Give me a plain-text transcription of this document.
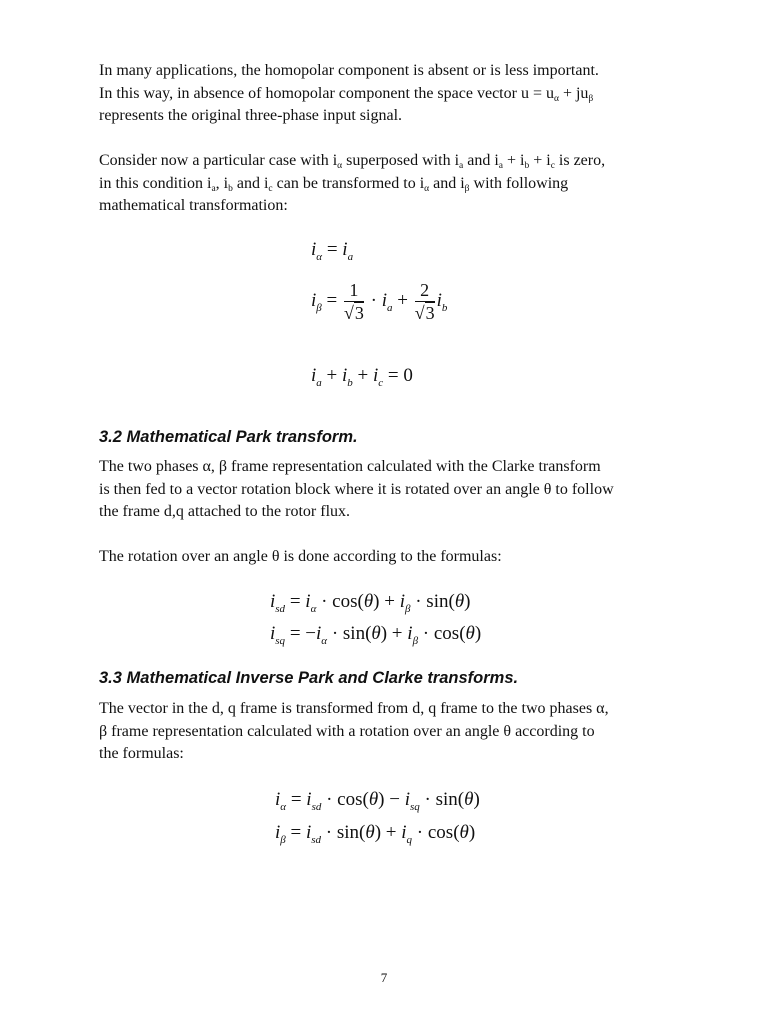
In many applications, the homopolar component is absent or is less important.
In this way, in absence of homopolar component the space vector $u = u_\alpha + ju_\beta$
represents the original three-phase input signal.
Consider now a particular case with $i_\alpha$ superposed with $i_a$ and $i_a + i_b + i_c$ is zero,
in this condition $i_a$, $i_b$ and $i_c$ can be transformed to $i_\alpha$ and $i_\beta$ with following
mathematical transformation:
$i_\alpha = i_a$
$i_\beta = \frac{1}{√3} \cdot i_a + \frac{2}{√3} i_b$
$i_a + i_b + i_c = 0$
3.2 Mathematical Park transform.
The two phases α, β frame representation calculated with the Clarke transform
is then fed to a vector rotation block where it is rotated over an angle θ to follow
the frame d,q attached to the rotor flux.
The rotation over an angle θ is done according to the formulas:
$i_{sd} = i_\alpha \cdot \cos(\theta) + i_\beta \cdot \sin(\theta)$
$i_{sq} = -i_\alpha \cdot \sin(\theta) + i_\beta \cdot \cos(\theta)$
3.3 Mathematical Inverse Park and Clarke transforms.
The vector in the d, q frame is transformed from d, q frame to the two phases α,
β frame representation calculated with a rotation over an angle θ according to
the formulas:
$i_\alpha = i_{sd} \cdot \cos(\theta) - i_{sq} \cdot \sin(\theta)$
$i_\beta = i_{sd} \cdot \sin(\theta) + i_q \cdot \cos(\theta)$
7
